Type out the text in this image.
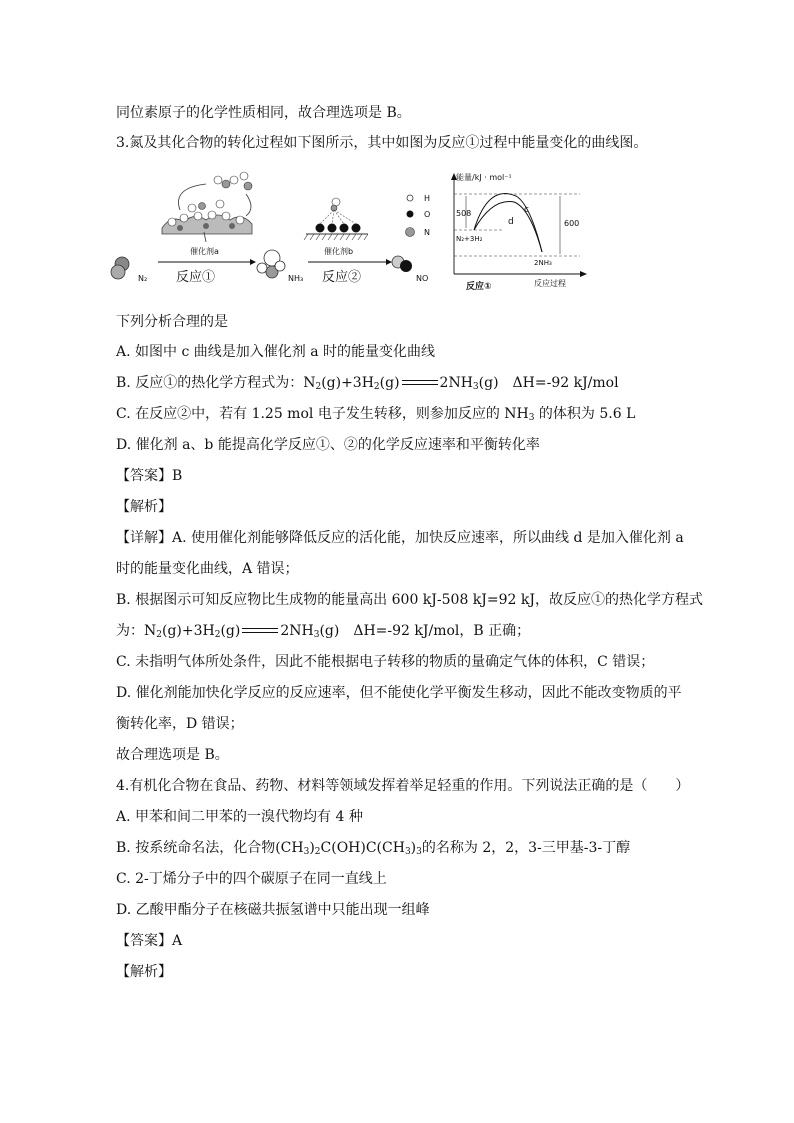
同位素原子的化学性质相同，故合理选项是 B。
3.氮及其化合物的转化过程如下图所示，其中如图为反应①过程中能量变化的曲线图。
N₂
催化剂a
反应①	NH₃
催化剂b
反应②	NO
H
O
N
能量/kJ · mol⁻¹
反应过程
508
600
c
d
N₂+3H₂
2NH₃
反应①
下列分析合理的是
A. 如图中 c 曲线是加入催化剂 a 时的能量变化曲线
B. 反应①的热化学方程式为：$N_2(g)+3H_2(g)$	$2NH_3(g)$　ΔH=-92 kJ/mol
C. 在反应②中，若有 1.25 mol 电子发生转移，则参加反应的 $NH_3$ 的体积为 5.6 L
D. 催化剂 a、b 能提高化学反应①、②的化学反应速率和平衡转化率
【答案】B
【解析】
【详解】A. 使用催化剂能够降低反应的活化能，加快反应速率，所以曲线 d 是加入催化剂 a
时的能量变化曲线，A 错误；
B. 根据图示可知反应物比生成物的能量高出 600 kJ-508 kJ=92 kJ，故反应①的热化学方程式
为：$N_2(g)+3H_2(g)$	$2NH_3(g)$　ΔH=-92 kJ/mol，B 正确；
C. 未指明气体所处条件，因此不能根据电子转移的物质的量确定气体的体积，C 错误；
D. 催化剂能加快化学反应的反应速率，但不能使化学平衡发生移动，因此不能改变物质的平
衡转化率，D 错误；
故合理选项是 B。
4.有机化合物在食品、药物、材料等领域发挥着举足轻重的作用。下列说法正确的是（　　）
A. 甲苯和间二甲苯的一溴代物均有 4 种
B. 按系统命名法，化合物$(CH_3)_2C(OH)C(CH_3)_3$的名称为 2，2，3-三甲基-3-丁醇
C. 2-丁烯分子中的四个碳原子在同一直线上
D. 乙酸甲酯分子在核磁共振氢谱中只能出现一组峰
【答案】A
【解析】
